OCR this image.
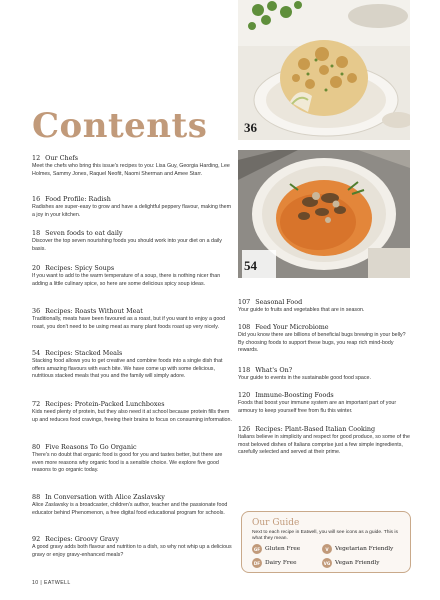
36
54
Contents
12 Our Chefs

Meet the chefs who bring this issue's recipes to you: Lisa Guy, Georgia Harding, Lee Holmes, Sammy Jones, Raquel Neofit, Naomi Sherman and Amee Starr.

16 Food Profile: Radish

Radishes are super-easy to grow and have a delightful peppery flavour, making them a joy in your kitchen.

18 Seven foods to eat daily

Discover the top seven nourishing foods you should work into your diet on a daily basis.

20 Recipes: Spicy Soups

If you want to add to the warm temperature of a soup, there is nothing nicer than adding a little culinary spice, so here are some delicious spicy soup ideas.

36 Recipes: Roasts Without Meat

Traditionally, meats have been favoured as a roast, but if you want to enjoy a good roast, you don't need to be using meat as many plant foods roast up very nicely.

54 Recipes: Stacked Meals

Stacking food allows you to get creative and combine foods into a single dish that offers amazing flavours with each bite. We have come up with some delicious, nutritious stacked meals that you and the family will simply adore.

72 Recipes: Protein-Packed Lunchboxes

Kids need plenty of protein, but they also need it at school because protein fills them up and reduces food cravings, freeing their brains to focus on consuming information.

80 Five Reasons To Go Organic

There's no doubt that organic food is good for you and tastes better, but there are even more reasons why organic food is a sensible choice. We explore five good reasons to go organic today.

88 In Conversation with Alice Zaslavsky

Alice Zaslavsky is a broadcaster, children's author, teacher and the passionate food educator behind Phenomenon, a free digital food educational program for schools.

92 Recipes: Groovy Gravy

A good gravy adds both flavour and nutrition to a dish, so why not whip up a delicious gravy or enjoy gravy-enhanced meals?

107 Seasonal Food

Your guide to fruits and vegetables that are in season.

108 Feed Your Microbiome

Did you know there are billions of beneficial bugs brewing in your belly? By choosing foods to support these bugs, you reap rich mind-body rewards.

118 What's On?

Your guide to events in the sustainable good food space.

120 Immune-Boosting Foods

Foods that boost your immune system are an important part of your armoury to keep yourself free from flu this winter.

126 Recipes: Plant-Based Italian Cooking

Italians believe in simplicity and respect for good produce, so some of the most beloved dishes of Italians comprise just a few simple ingredients, carefully selected and served at their prime.

Our Guide

Next to each recipe in Eatwell, you will see icons as a guide. This is what they mean.

GF Gluten Free	V	Vegetarian Friendly
DF Dairy Free	VG Vegan Friendly
10 | EATWELL
